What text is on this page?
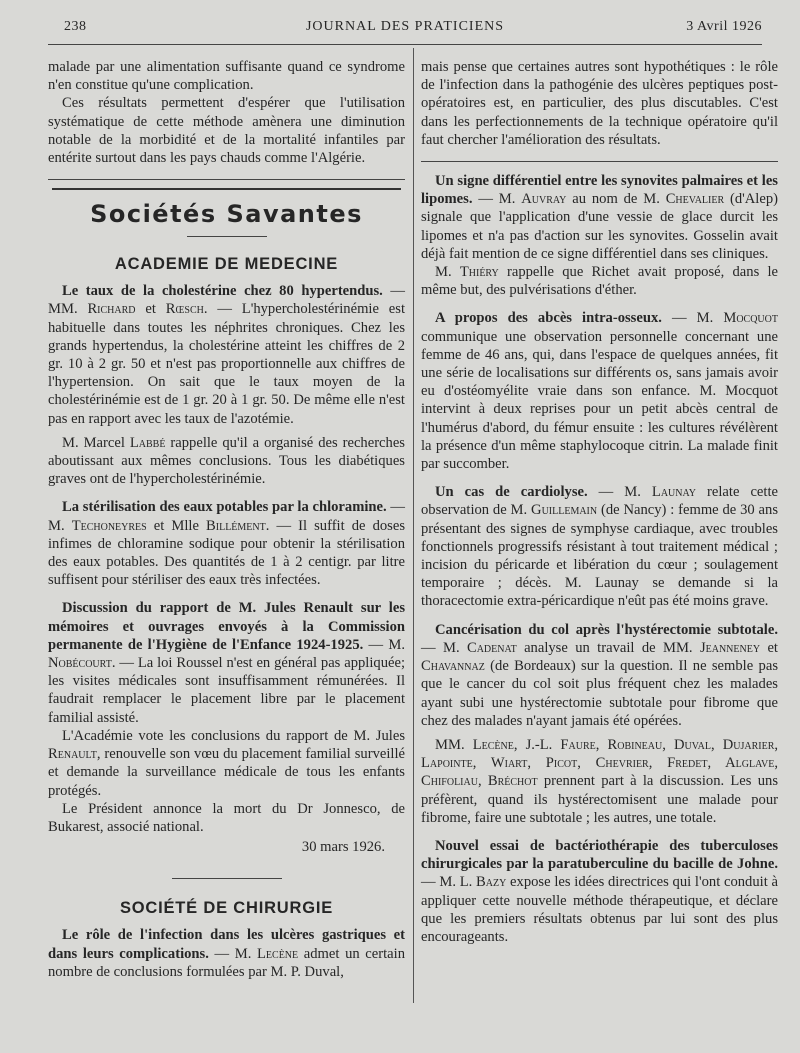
238	JOURNAL DES PRATICIENS	3 Avril 1926

malade par une alimentation suffisante quand ce syndrome n'en constitue qu'une complication.

Ces résultats permettent d'espérer que l'utilisation systématique de cette méthode amènera une diminution notable de la morbidité et de la mortalité infantiles par entérite surtout dans les pays chauds comme l'Algérie.

Sociétés Savantes
ACADEMIE DE MEDECINE

Le taux de la cholestérine chez 80 hypertendus. — MM. Richard et Rœsch. — L'hypercholestérinémie est habituelle dans toutes les néphrites chroniques. Chez les grands hypertendus, la cholestérine atteint les chiffres de 2 gr. 10 à 2 gr. 50 et n'est pas proportionnelle aux chiffres de l'hypertension. On sait que le taux moyen de la cholestérinémie est de 1 gr. 20 à 1 gr. 50. De même elle n'est pas en rapport avec les taux de l'azotémie.

M. Marcel Labbé rappelle qu'il a organisé des recherches aboutissant aux mêmes conclusions. Tous les diabétiques graves ont de l'hypercholestérinémie.

La stérilisation des eaux potables par la chloramine. — M. Techoneyres et Mlle Billément. — Il suffit de doses infimes de chloramine sodique pour obtenir la stérilisation des eaux potables. Des quantités de 1 à 2 centigr. par litre suffisent pour stériliser des eaux très infectées.

Discussion du rapport de M. Jules Renault sur les mémoires et ouvrages envoyés à la Commission permanente de l'Hygiène de l'Enfance 1924-1925. — M. Nobécourt. — La loi Roussel n'est en général pas appliquée; les visites médicales sont insuffisamment rémunérées. Il faudrait remplacer le placement libre par le placement familial assisté.

L'Académie vote les conclusions du rapport de M. Jules Renault, renouvelle son vœu du placement familial surveillé et demande la surveillance médicale de tous les enfants protégés.

Le Président annonce la mort du Dr Jonnesco, de Bukarest, associé national.

30 mars 1926.

SOCIÉTÉ DE CHIRURGIE

Le rôle de l'infection dans les ulcères gastriques et dans leurs complications. — M. Lecène admet un certain nombre de conclusions formulées par M. P. Duval,

mais pense que certaines autres sont hypothétiques : le rôle de l'infection dans la pathogénie des ulcères peptiques post-opératoires est, en particulier, des plus discutables. C'est dans les perfectionnements de la technique opératoire qu'il faut chercher l'amélioration des résultats.

Un signe différentiel entre les synovites palmaires et les lipomes. — M. Auvray au nom de M. Chevalier (d'Alep) signale que l'application d'une vessie de glace durcit les lipomes et n'a pas d'action sur les synovites. Gosselin avait déjà fait mention de ce signe différentiel dans ses cliniques.

M. Thiéry rappelle que Richet avait proposé, dans le même but, des pulvérisations d'éther.

A propos des abcès intra-osseux. — M. Mocquot communique une observation personnelle concernant une femme de 46 ans, qui, dans l'espace de quelques années, fit une série de localisations sur différents os, sans jamais avoir eu d'ostéomyélite vraie dans son enfance. M. Mocquot intervint à deux reprises pour un petit abcès central de l'humérus d'abord, du fémur ensuite : les cultures révélèrent la présence d'un même staphylocoque citrin. La malade finit par succomber.

Un cas de cardiolyse. — M. Launay relate cette observation de M. Guillemain (de Nancy) : femme de 30 ans présentant des signes de symphyse cardiaque, avec troubles fonctionnels progressifs résistant à tout traitement médical ; incision du péricarde et libération du cœur ; soulagement temporaire ; décès. M. Launay se demande si la thoracectomie extra-péricardique n'eût pas été moins grave.

Cancérisation du col après l'hystérectomie subtotale. — M. Cadenat analyse un travail de MM. Jeanneney et Chavannaz (de Bordeaux) sur la question. Il ne semble pas que le cancer du col soit plus fréquent chez les malades ayant subi une hystérectomie subtotale pour fibrome que chez des malades n'ayant jamais été opérées.

MM. Lecène, J.-L. Faure, Robineau, Duval, Dujarier, Lapointe, Wiart, Picot, Chevrier, Fredet, Alglave, Chifoliau, Bréchot prennent part à la discussion. Les uns préfèrent, quand ils hystérectomisent une malade pour fibrome, faire une subtotale ; les autres, une totale.

Nouvel essai de bactériothérapie des tuberculoses chirurgicales par la paratuberculine du bacille de Johne. — M. L. Bazy expose les idées directrices qui l'ont conduit à appliquer cette nouvelle méthode thérapeutique, et déclare que les premiers résultats obtenus par lui sont des plus encourageants.
